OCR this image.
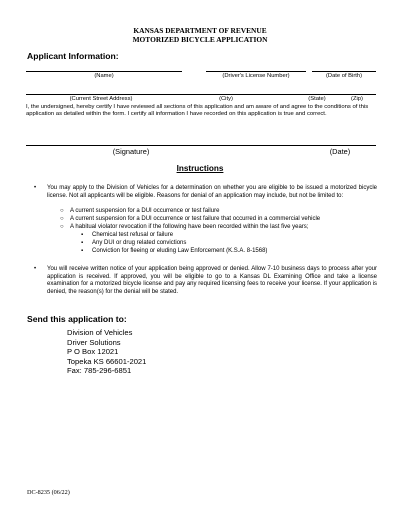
KANSAS DEPARTMENT OF REVENUE
MOTORIZED BICYCLE APPLICATION
Applicant Information:
(Name)	(Driver's License Number)	(Date of Birth)
(Current Street Address)	(City)	(State)	(Zip)
I, the undersigned, hereby certify I have reviewed all sections of this application and am aware of and agree to the conditions of this application as detailed within the form. I certify all information I have recorded on this application is true and correct.
(Signature)	(Date)
Instructions
• You may apply to the Division of Vehicles for a determination on whether you are eligible to be issued a motorized bicycle license. Not all applicants will be eligible. Reasons for denial of an application may include, but not be limited to:
○ A current suspension for a DUI occurrence or test failure
○ A current suspension for a DUI occurrence or test failure that occurred in a commercial vehicle
○ A habitual violator revocation if the following have been recorded within the last five years;
▪ Chemical test refusal or failure
▪ Any DUI or drug related convictions
▪ Conviction for fleeing or eluding Law Enforcement (K.S.A. 8-1568)
• You will receive written notice of your application being approved or denied. Allow 7-10 business days to process after your application is received. If approved, you will be eligible to go to a Kansas DL Examining Office and take a license examination for a motorized bicycle license and pay any required licensing fees to receive your license. If your application is denied, the reason(s) for the denial will be stated.
Send this application to:
Division of Vehicles
Driver Solutions
P O Box 12021
Topeka KS 66601-2021
Fax: 785-296-6851
DC-8235 (06/22)
